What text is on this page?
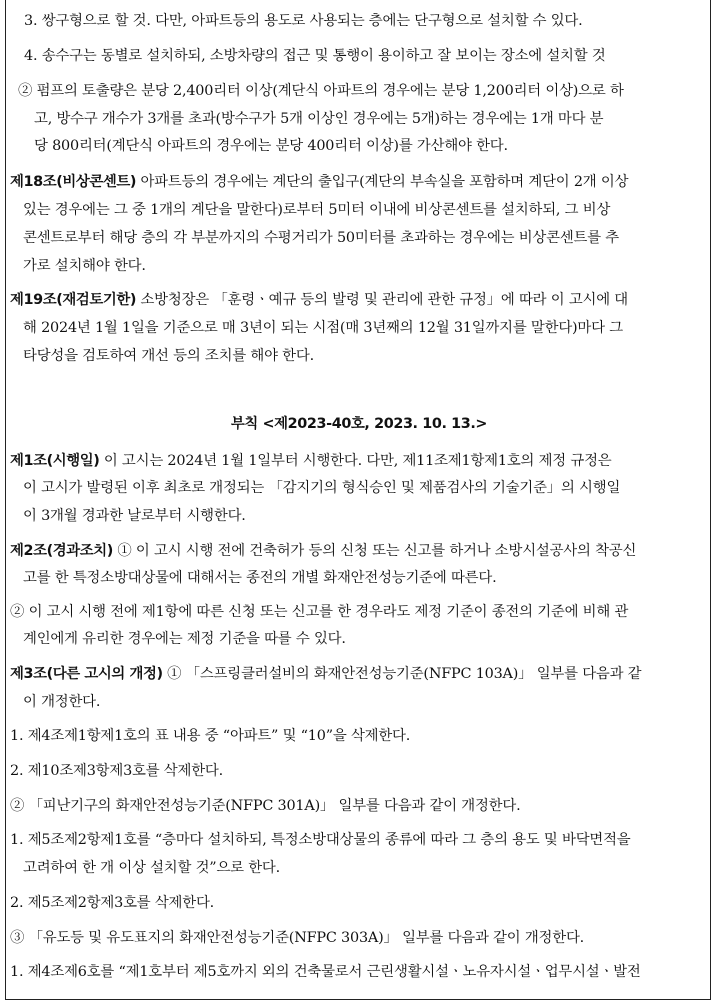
3. 쌍구형으로 할 것. 다만, 아파트등의 용도로 사용되는 층에는 단구형으로 설치할 수 있다.
4. 송수구는 동별로 설치하되, 소방차량의 접근 및 통행이 용이하고 잘 보이는 장소에 설치할 것
② 펌프의 토출량은 분당 2,400리터 이상(계단식 아파트의 경우에는 분당 1,200리터 이상)으로 하
고, 방수구 개수가 3개를 초과(방수구가 5개 이상인 경우에는 5개)하는 경우에는 1개 마다 분
당 800리터(계단식 아파트의 경우에는 분당 400리터 이상)를 가산해야 한다.
제18조(비상콘센트) 아파트등의 경우에는 계단의 출입구(계단의 부속실을 포함하며 계단이 2개 이상
있는 경우에는 그 중 1개의 계단을 말한다)로부터 5미터 이내에 비상콘센트를 설치하되, 그 비상
콘센트로부터 해당 층의 각 부분까지의 수평거리가 50미터를 초과하는 경우에는 비상콘센트를 추
가로 설치해야 한다.
제19조(재검토기한) 소방청장은 「훈령ㆍ예규 등의 발령 및 관리에 관한 규정」에 따라 이 고시에 대
해 2024년 1월 1일을 기준으로 매 3년이 되는 시점(매 3년째의 12월 31일까지를 말한다)마다 그
타당성을 검토하여 개선 등의 조치를 해야 한다.
부칙 <제2023-40호, 2023. 10. 13.>
제1조(시행일) 이 고시는 2024년 1월 1일부터 시행한다. 다만, 제11조제1항제1호의 제정 규정은
이 고시가 발령된 이후 최초로 개정되는 「감지기의 형식승인 및 제품검사의 기술기준」의 시행일
이 3개월 경과한 날로부터 시행한다.
제2조(경과조치) ① 이 고시 시행 전에 건축허가 등의 신청 또는 신고를 하거나 소방시설공사의 착공신
고를 한 특정소방대상물에 대해서는 종전의 개별 화재안전성능기준에 따른다.
② 이 고시 시행 전에 제1항에 따른 신청 또는 신고를 한 경우라도 제정 기준이 종전의 기준에 비해 관
계인에게 유리한 경우에는 제정 기준을 따를 수 있다.
제3조(다른 고시의 개정) ① 「스프링클러설비의 화재안전성능기준(NFPC 103A)」 일부를 다음과 같
이 개정한다.
1. 제4조제1항제1호의 표 내용 중 “아파트” 및 “10”을 삭제한다.
2. 제10조제3항제3호를 삭제한다.
② 「피난기구의 화재안전성능기준(NFPC 301A)」 일부를 다음과 같이 개정한다.
1. 제5조제2항제1호를 “층마다 설치하되, 특정소방대상물의 종류에 따라 그 층의 용도 및 바닥면적을
고려하여 한 개 이상 설치할 것”으로 한다.
2. 제5조제2항제3호를 삭제한다.
③ 「유도등 및 유도표지의 화재안전성능기준(NFPC 303A)」 일부를 다음과 같이 개정한다.
1. 제4조제6호를 “제1호부터 제5호까지 외의 건축물로서 근린생활시설ㆍ노유자시설ㆍ업무시설ㆍ발전
